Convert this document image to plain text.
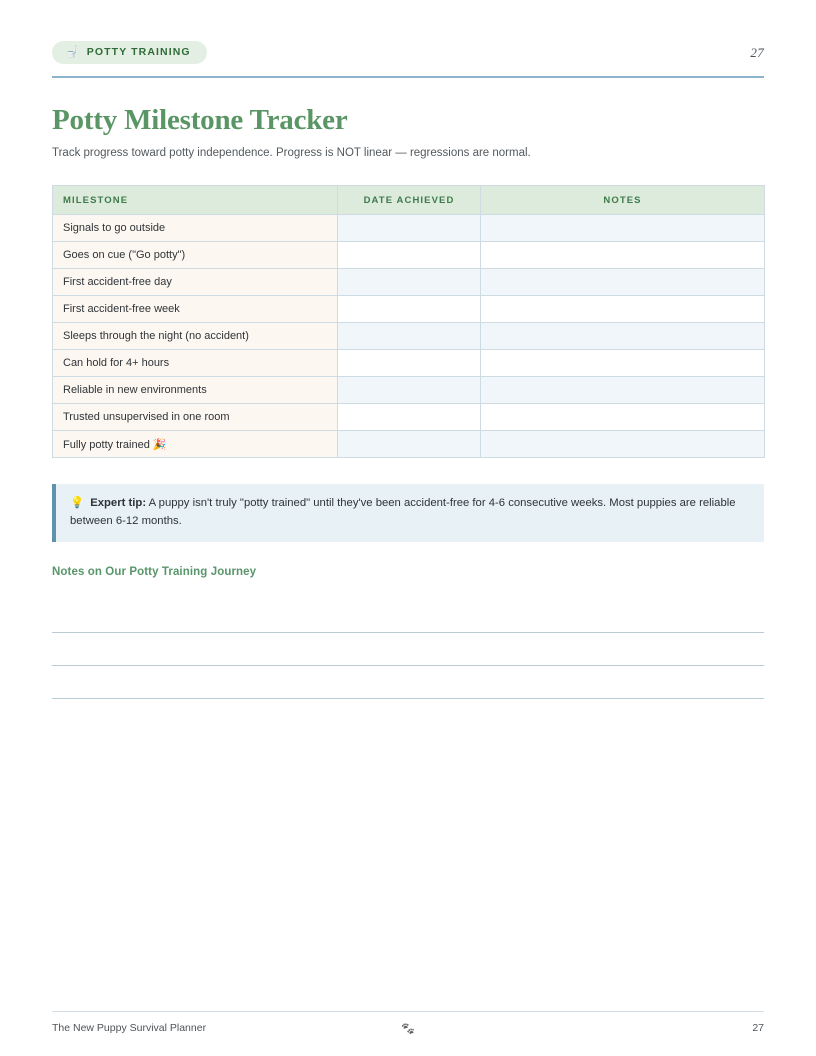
🚽 POTTY TRAINING	27
Potty Milestone Tracker

Track progress toward potty independence. Progress is NOT linear — regressions are normal.

MILESTONE	DATE ACHIEVED	NOTES
Signals to go outside		
Goes on cue ("Go potty")		
First accident-free day		
First accident-free week		
Sleeps through the night (no accident)		
Can hold for 4+ hours		
Reliable in new environments		
Trusted unsupervised in one room		
Fully potty trained 🎉		
💡 Expert tip: A puppy isn't truly "potty trained" until they've been accident-free for 4-6 consecutive weeks. Most puppies are reliable between 6-12 months.
Notes on Our Potty Training Journey
The New Puppy Survival Planner	🐾	27
